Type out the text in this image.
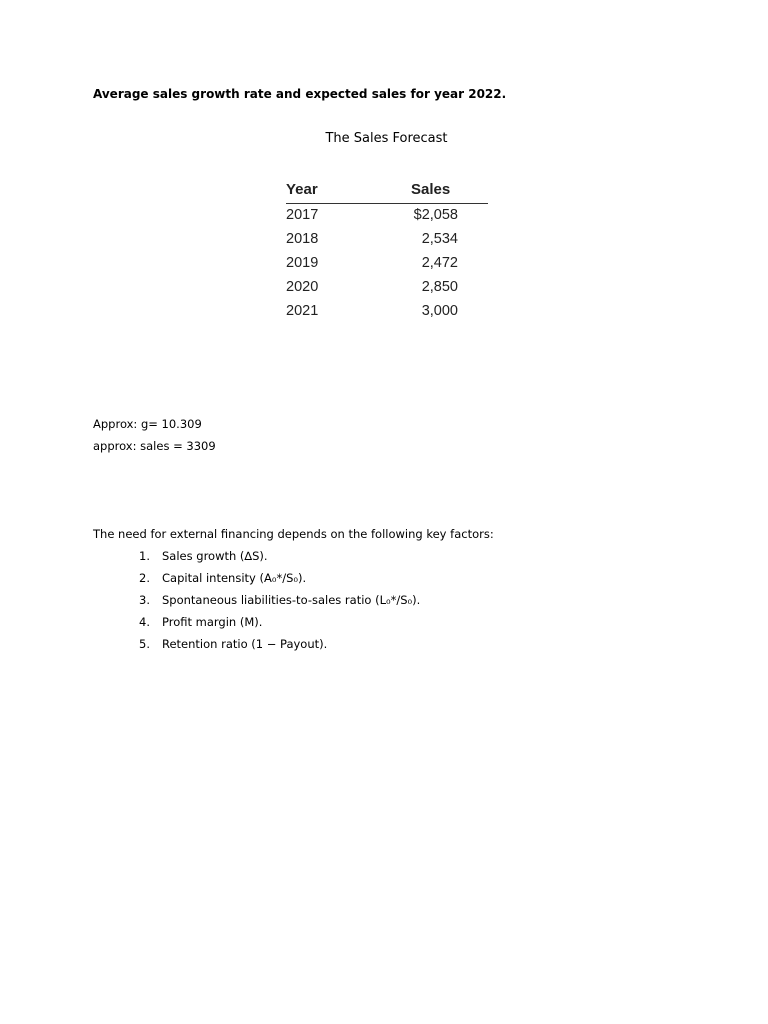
Average sales growth rate and expected sales for year 2022.
The Sales Forecast
Year	Sales
2017	$2,058
2018	2,534
2019	2,472
2020	2,850
2021	3,000
Approx: g= 10.309
approx: sales = 3309
The need for external financing depends on the following key factors:
1. Sales growth (∆S).
2. Capital intensity (A₀*/S₀).
3. Spontaneous liabilities-to-sales ratio (L₀*/S₀).
4. Profit margin (M).
5. Retention ratio (1 − Payout).
